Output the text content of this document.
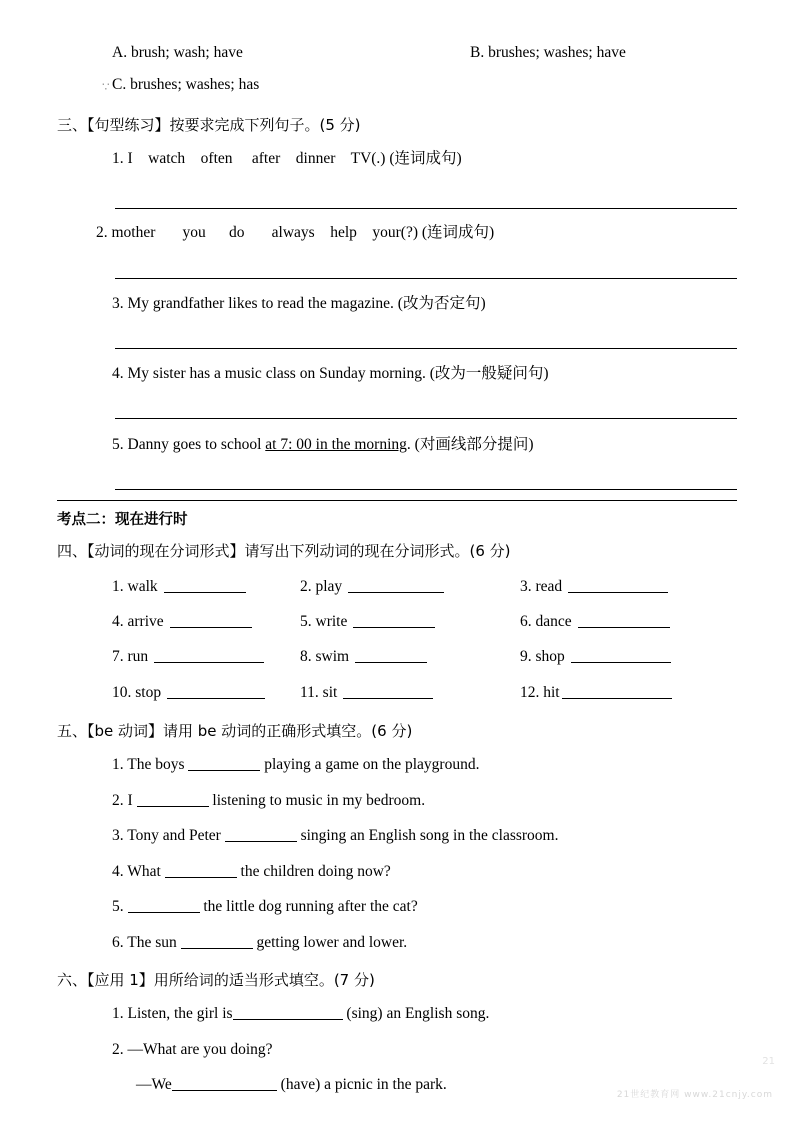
∵
A. brush; wash; have	B. brushes; washes; have
C. brushes; washes; has
三、【句型练习】按要求完成下列句子。(5 分)
1. I    watch    often     after    dinner    TV(.) (连词成句)
2. mother       you      do       always    help    your(?) (连词成句)
3. My grandfather likes to read the magazine. (改为否定句)
4. My sister has a music class on Sunday morning. (改为一般疑问句)
5. Danny goes to school at 7: 00 in the morning. (对画线部分提问)
考点二：现在进行时
四、【动词的现在分词形式】请写出下列动词的现在分词形式。(6 分)
1. walk	2. play	3. read
4. arrive	5. write	6. dance
7. run	8. swim	9. shop
10. stop	11. sit	12. hit
五、【be 动词】请用 be 动词的正确形式填空。(6 分)
1. The boys	playing a game on the playground.
2. I	listening to music in my bedroom.
3. Tony and Peter	singing an English song in the classroom.
4. What	the children doing now?
5.	the little dog running after the cat?
6. The sun	getting lower and lower.
六、【应用 1】用所给词的适当形式填空。(7 分)
1. Listen, the girl is	(sing) an English song.
2. —What are you doing?
—We	(have) a picnic in the park.
21
21世纪教育网 www.21cnjy.com
